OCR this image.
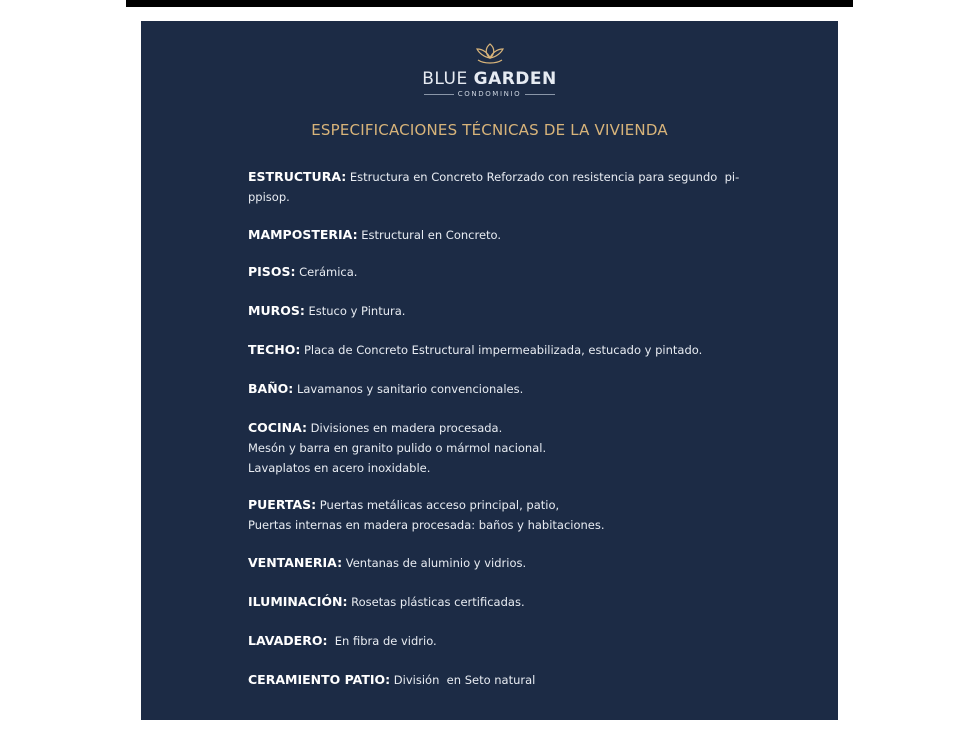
BLUE GARDEN
CONDOMINIO
ESPECIFICACIONES TÉCNICAS DE LA VIVIENDA
ESTRUCTURA: Estructura en Concreto Reforzado con resistencia para segundo  pi-
ppisop.
MAMPOSTERIA: Estructural en Concreto.
PISOS: Cerámica.
MUROS: Estuco y Pintura.
TECHO: Placa de Concreto Estructural impermeabilizada, estucado y pintado.
BAÑO: Lavamanos y sanitario convencionales.
COCINA: Divisiones en madera procesada.
Mesón y barra en granito pulido o mármol nacional.
Lavaplatos en acero inoxidable.
PUERTAS: Puertas metálicas acceso principal, patio,
Puertas internas en madera procesada: baños y habitaciones.
VENTANERIA: Ventanas de aluminio y vidrios.
ILUMINACIÓN: Rosetas plásticas certificadas.
LAVADERO:  En fibra de vidrio.
CERAMIENTO PATIO: División  en Seto natural
